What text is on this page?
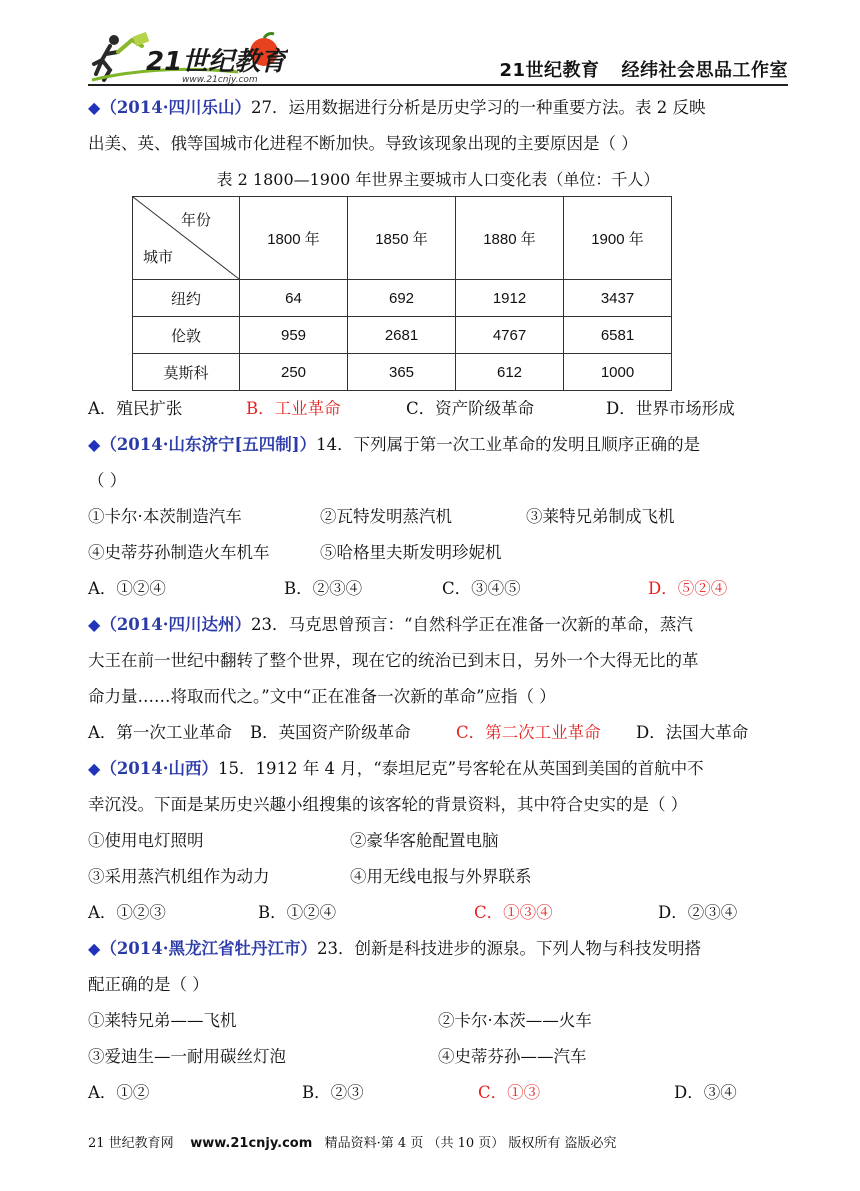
21世纪教育
www.21cnjy.com	21世纪教育 经纬社会思品工作室
◆（2014·四川乐山）27．运用数据进行分析是历史学习的一种重要方法。表 2 反映
出美、英、俄等国城市化进程不断加快。导致该现象出现的主要原因是（ ）
表 2 1800—1900 年世界主要城市人口变化表（单位：千人）
年份
城市	1800 年	1850 年	1880 年	1900 年
纽约	64	692	1912	3437
伦敦	959	2681	4767	6581
莫斯科	250	365	612	1000
A．殖民扩张	B．工业革命	C．资产阶级革命	D．世界市场形成
◆（2014·山东济宁[五四制]）14．下列属于第一次工业革命的发明且顺序正确的是
（ ）
①卡尔·本茨制造汽车	②瓦特发明蒸汽机	③莱特兄弟制成飞机
④史蒂芬孙制造火车机车	⑤哈格里夫斯发明珍妮机
A．①②④	B．②③④	C．③④⑤	D．⑤②④
◆（2014·四川达州）23．马克思曾预言：“自然科学正在准备一次新的革命，蒸汽
大王在前一世纪中翻转了整个世界，现在它的统治已到末日，另外一个大得无比的革
命力量……将取而代之。”文中“正在准备一次新的革命”应指（ ）
A．第一次工业革命 B．英国资产阶级革命	C．第二次工业革命 D．法国大革命
◆（2014·山西）15．1912 年 4 月，“泰坦尼克”号客轮在从英国到美国的首航中不
幸沉没。下面是某历史兴趣小组搜集的该客轮的背景资料，其中符合史实的是（ ）
①使用电灯照明	②豪华客舱配置电脑
③采用蒸汽机组作为动力	④用无线电报与外界联系
A．①②③	B．①②④	C．①③④	D．②③④
◆（2014·黑龙江省牡丹江市）23．创新是科技进步的源泉。下列人物与科技发明搭
配正确的是（ ）
①莱特兄弟——飞机	②卡尔·本茨——火车
③爱迪生—一耐用碳丝灯泡	④史蒂芬孙——汽车
A．①②	B．②③	C．①③	D．③④
21 世纪教育网 www.21cnjy.com 精品资料·第 4 页 （共 10 页） 版权所有 盗版必究
